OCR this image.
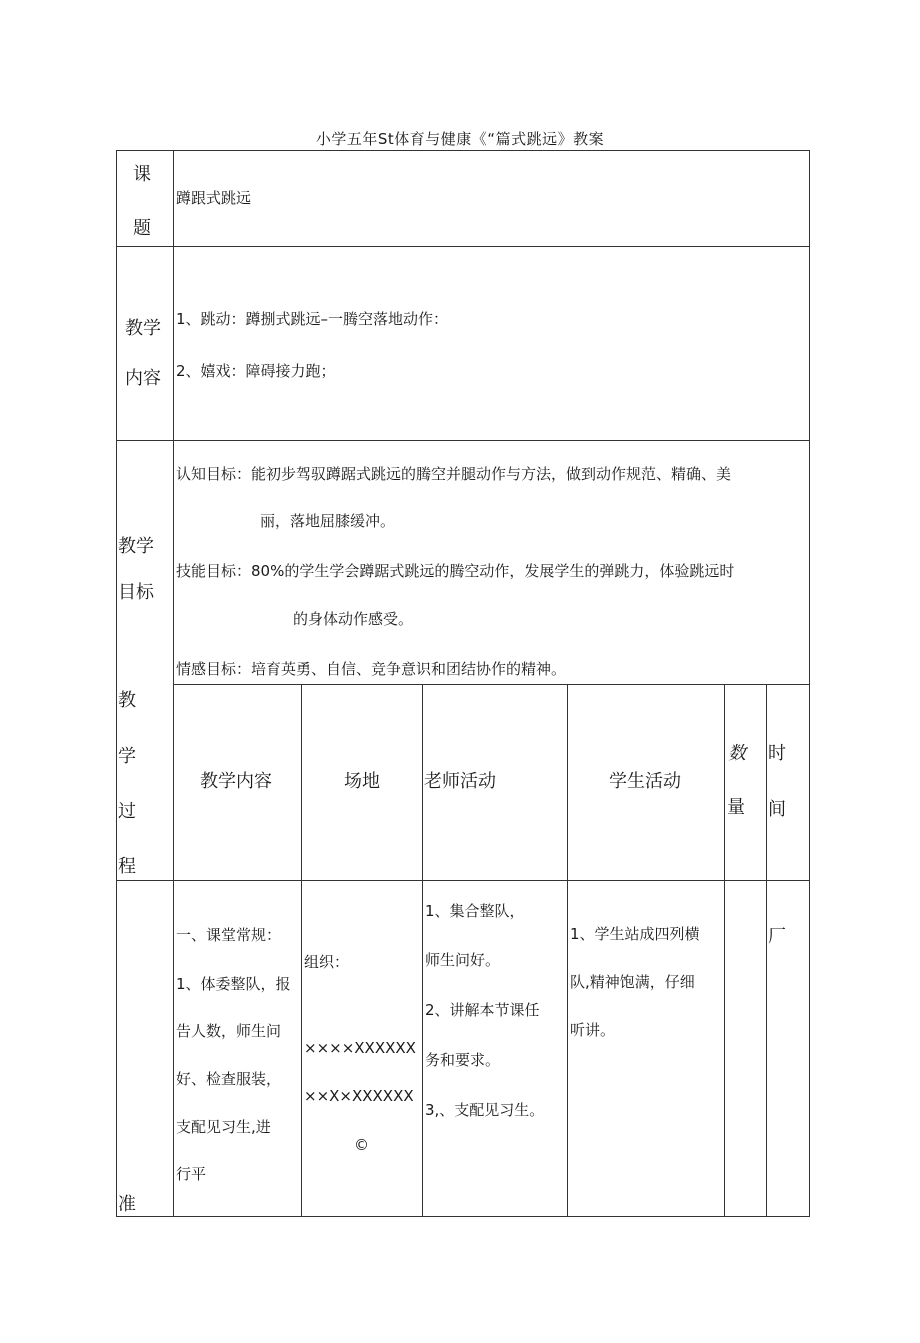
小学五年St体育与健康《“篇式跳远》教案
课
题
蹲跟式跳远
教学
内容
1、跳动：蹲捌式跳远–一腾空落地动作：
2、嬉戏：障碍接力跑；
教学
目标
认知目标：能初步驾驭蹲踞式跳远的腾空并腿动作与方法，做到动作规范、精确、美
丽，落地屈膝缓冲。
技能目标：80%的学生学会蹲踞式跳远的腾空动作，发展学生的弹跳力，体验跳远时
的身体动作感受。
情感目标：培育英勇、自信、竞争意识和团结协作的精神。
教
学
过
程
教学内容	场地 老师活动	学生活动
数
量
时
间
准
一、课堂常规：
1、体委整队，报
告人数，师生问
好、检查服装，
支配见习生,进
行平
组织：
××××XXXXXX
××X×XXXXXX
©
1、集合整队，
师生问好。
2、讲解本节课任
务和要求。
3,、支配见习生。
1、学生站成四列横
队,精神饱满，仔细
听讲。
厂
